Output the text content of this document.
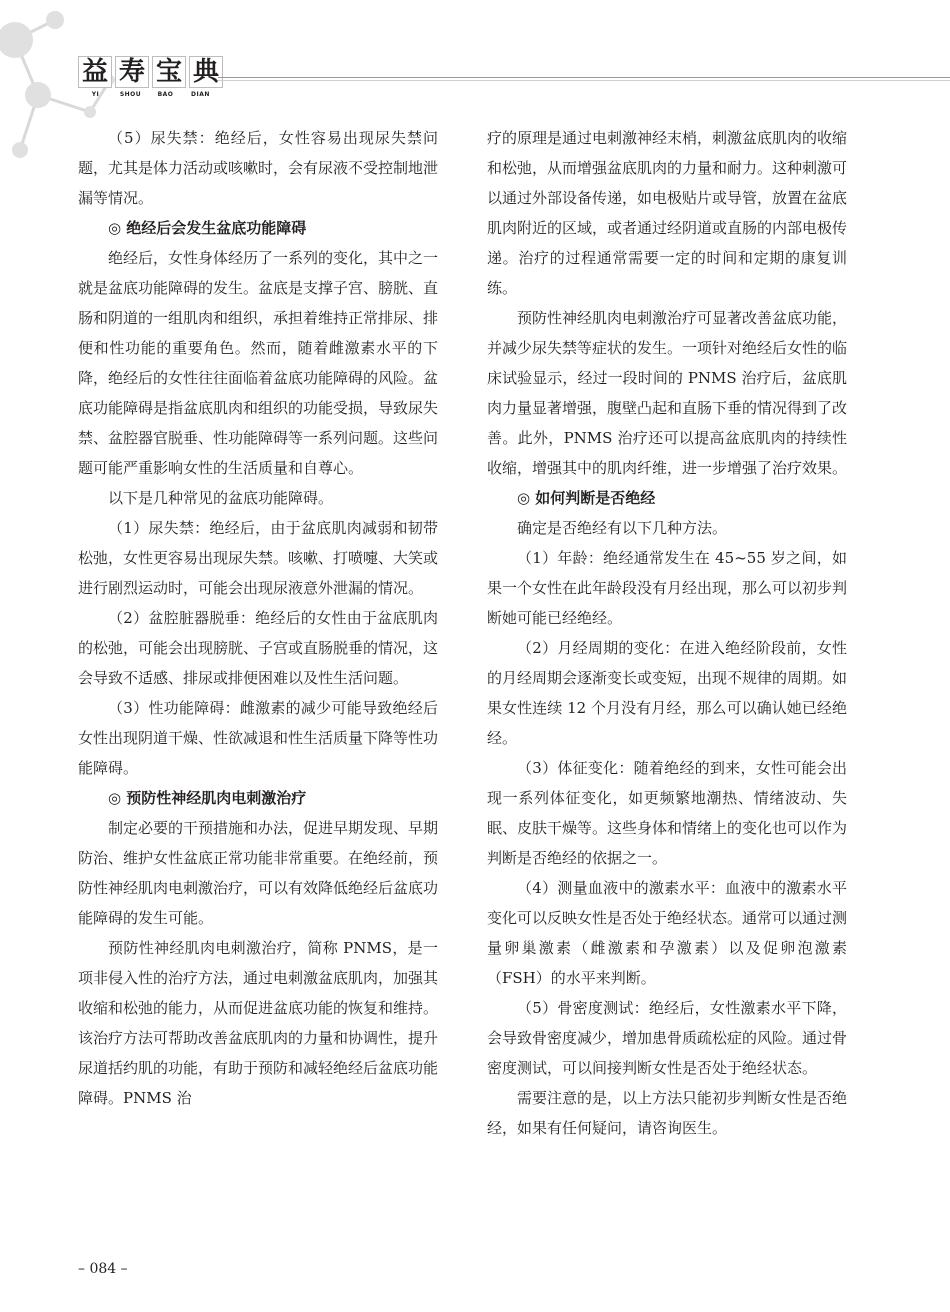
益 寿 宝 典
YI	SHOU	BAO	DIAN

（5）尿失禁：绝经后，女性容易出现尿失禁问题，尤其是体力活动或咳嗽时，会有尿液不受控制地泄漏等情况。

◎ 绝经后会发生盆底功能障碍

绝经后，女性身体经历了一系列的变化，其中之一就是盆底功能障碍的发生。盆底是支撑子宫、膀胱、直肠和阴道的一组肌肉和组织，承担着维持正常排尿、排便和性功能的重要角色。然而，随着雌激素水平的下降，绝经后的女性往往面临着盆底功能障碍的风险。盆底功能障碍是指盆底肌肉和组织的功能受损，导致尿失禁、盆腔器官脱垂、性功能障碍等一系列问题。这些问题可能严重影响女性的生活质量和自尊心。

以下是几种常见的盆底功能障碍。

（1）尿失禁：绝经后，由于盆底肌肉减弱和韧带松弛，女性更容易出现尿失禁。咳嗽、打喷嚏、大笑或进行剧烈运动时，可能会出现尿液意外泄漏的情况。

（2）盆腔脏器脱垂：绝经后的女性由于盆底肌肉的松弛，可能会出现膀胱、子宫或直肠脱垂的情况，这会导致不适感、排尿或排便困难以及性生活问题。

（3）性功能障碍：雌激素的减少可能导致绝经后女性出现阴道干燥、性欲减退和性生活质量下降等性功能障碍。

◎ 预防性神经肌肉电刺激治疗

制定必要的干预措施和办法，促进早期发现、早期防治、维护女性盆底正常功能非常重要。在绝经前，预防性神经肌肉电刺激治疗，可以有效降低绝经后盆底功能障碍的发生可能。

预防性神经肌肉电刺激治疗，简称 PNMS，是一项非侵入性的治疗方法，通过电刺激盆底肌肉，加强其收缩和松弛的能力，从而促进盆底功能的恢复和维持。该治疗方法可帮助改善盆底肌肉的力量和协调性，提升尿道括约肌的功能，有助于预防和减轻绝经后盆底功能障碍。PNMS 治

疗的原理是通过电刺激神经末梢，刺激盆底肌肉的收缩和松弛，从而增强盆底肌肉的力量和耐力。这种刺激可以通过外部设备传递，如电极贴片或导管，放置在盆底肌肉附近的区域，或者通过经阴道或直肠的内部电极传递。治疗的过程通常需要一定的时间和定期的康复训练。

预防性神经肌肉电刺激治疗可显著改善盆底功能，并减少尿失禁等症状的发生。一项针对绝经后女性的临床试验显示，经过一段时间的 PNMS 治疗后，盆底肌肉力量显著增强，腹壁凸起和直肠下垂的情况得到了改善。此外，PNMS 治疗还可以提高盆底肌肉的持续性收缩，增强其中的肌肉纤维，进一步增强了治疗效果。

◎ 如何判断是否绝经

确定是否绝经有以下几种方法。

（1）年龄：绝经通常发生在 45~55 岁之间，如果一个女性在此年龄段没有月经出现，那么可以初步判断她可能已经绝经。

（2）月经周期的变化：在进入绝经阶段前，女性的月经周期会逐渐变长或变短，出现不规律的周期。如果女性连续 12 个月没有月经，那么可以确认她已经绝经。

（3）体征变化：随着绝经的到来，女性可能会出现一系列体征变化，如更频繁地潮热、情绪波动、失眠、皮肤干燥等。这些身体和情绪上的变化也可以作为判断是否绝经的依据之一。

（4）测量血液中的激素水平：血液中的激素水平变化可以反映女性是否处于绝经状态。通常可以通过测量卵巢激素（雌激素和孕激素）以及促卵泡激素（FSH）的水平来判断。

（5）骨密度测试：绝经后，女性激素水平下降，会导致骨密度减少，增加患骨质疏松症的风险。通过骨密度测试，可以间接判断女性是否处于绝经状态。

需要注意的是，以上方法只能初步判断女性是否绝经，如果有任何疑问，请咨询医生。

– 084 –
